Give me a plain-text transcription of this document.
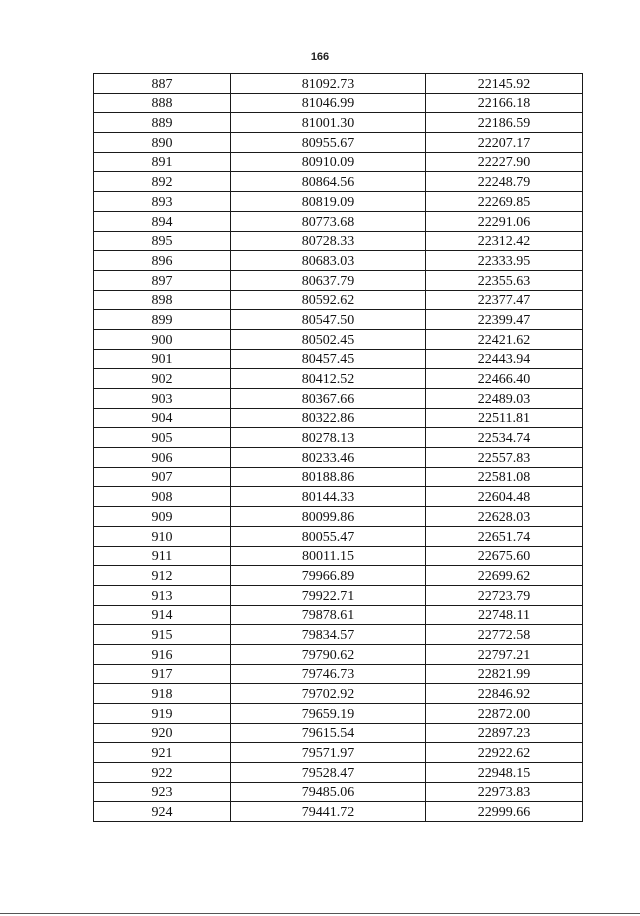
166
887	81092.73	22145.92
888	81046.99	22166.18
889	81001.30	22186.59
890	80955.67	22207.17
891	80910.09	22227.90
892	80864.56	22248.79
893	80819.09	22269.85
894	80773.68	22291.06
895	80728.33	22312.42
896	80683.03	22333.95
897	80637.79	22355.63
898	80592.62	22377.47
899	80547.50	22399.47
900	80502.45	22421.62
901	80457.45	22443.94
902	80412.52	22466.40
903	80367.66	22489.03
904	80322.86	22511.81
905	80278.13	22534.74
906	80233.46	22557.83
907	80188.86	22581.08
908	80144.33	22604.48
909	80099.86	22628.03
910	80055.47	22651.74
911	80011.15	22675.60
912	79966.89	22699.62
913	79922.71	22723.79
914	79878.61	22748.11
915	79834.57	22772.58
916	79790.62	22797.21
917	79746.73	22821.99
918	79702.92	22846.92
919	79659.19	22872.00
920	79615.54	22897.23
921	79571.97	22922.62
922	79528.47	22948.15
923	79485.06	22973.83
924	79441.72	22999.66
